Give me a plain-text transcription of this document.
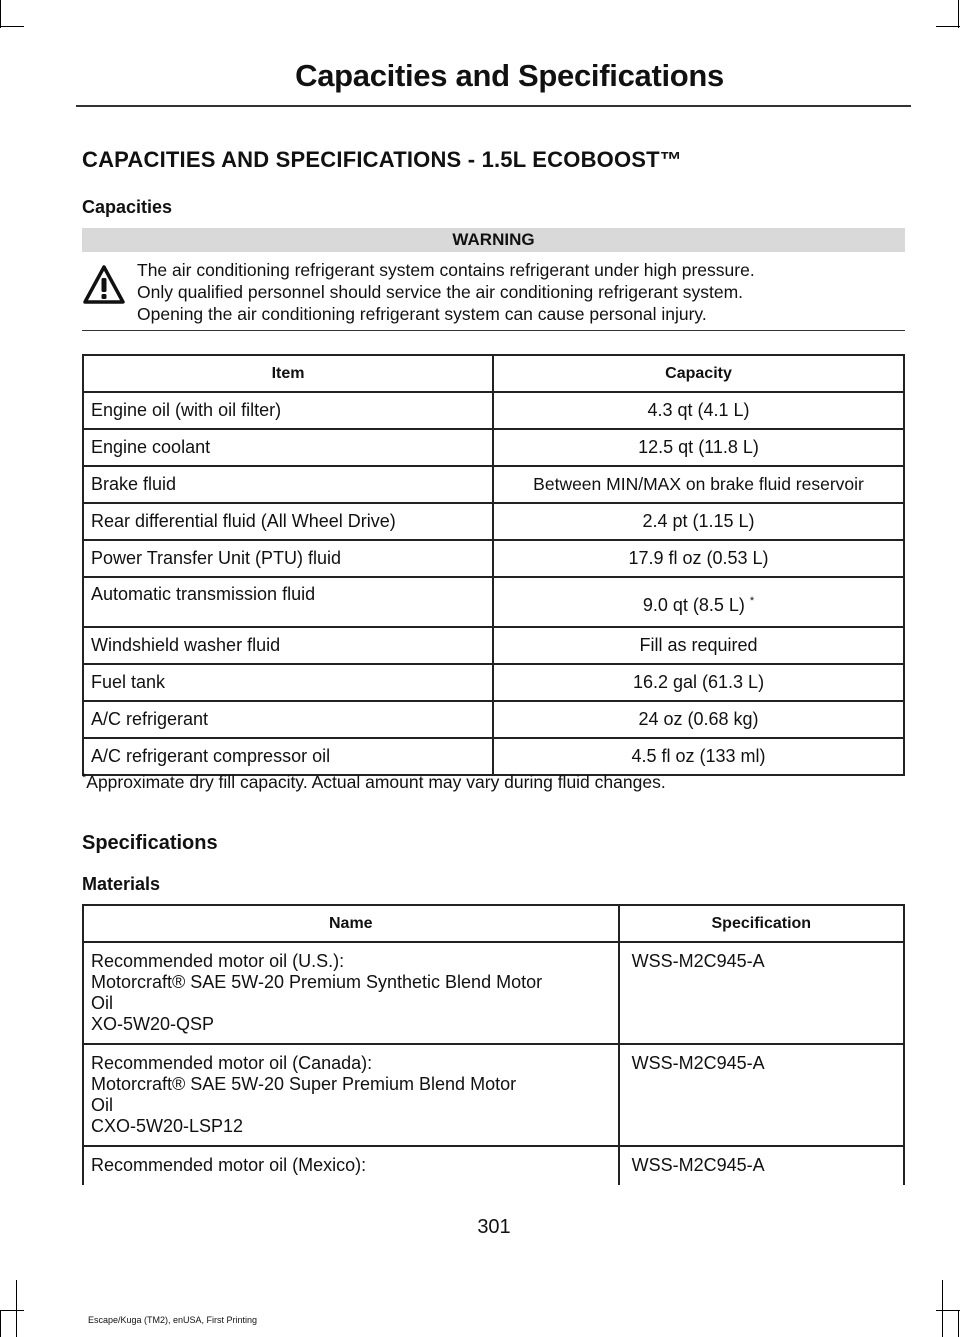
Capacities and Specifications
CAPACITIES AND SPECIFICATIONS - 1.5L ECOBOOST™
Capacities
WARNING
The air conditioning refrigerant system contains refrigerant under high pressure.
Only qualified personnel should service the air conditioning refrigerant system.
Opening the air conditioning refrigerant system can cause personal injury.
Item	Capacity
Engine oil (with oil filter)	4.3 qt (4.1 L)
Engine coolant	12.5 qt (11.8 L)
Brake fluid	Between MIN/MAX on brake fluid reservoir
Rear differential fluid (All Wheel Drive)	2.4 pt (1.15 L)
Power Transfer Unit (PTU) fluid	17.9 fl oz (0.53 L)
Automatic transmission fluid	9.0 qt (8.5 L) *
Windshield washer fluid	Fill as required
Fuel tank	16.2 gal (61.3 L)
A/C refrigerant	24 oz (0.68 kg)
A/C refrigerant compressor oil	4.5 fl oz (133 ml)
*Approximate dry fill capacity. Actual amount may vary during fluid changes.
Specifications
Materials
Name	Specification

Recommended motor oil (U.S.):
Motorcraft® SAE 5W-20 Premium Synthetic Blend Motor
Oil
XO-5W20-QSP	WSS-M2C945-A

Recommended motor oil (Canada):
Motorcraft® SAE 5W-20 Super Premium Blend Motor
Oil
CXO-5W20-LSP12	WSS-M2C945-A

Recommended motor oil (Mexico):	WSS-M2C945-A
301
Escape/Kuga (TM2), enUSA, First Printing
